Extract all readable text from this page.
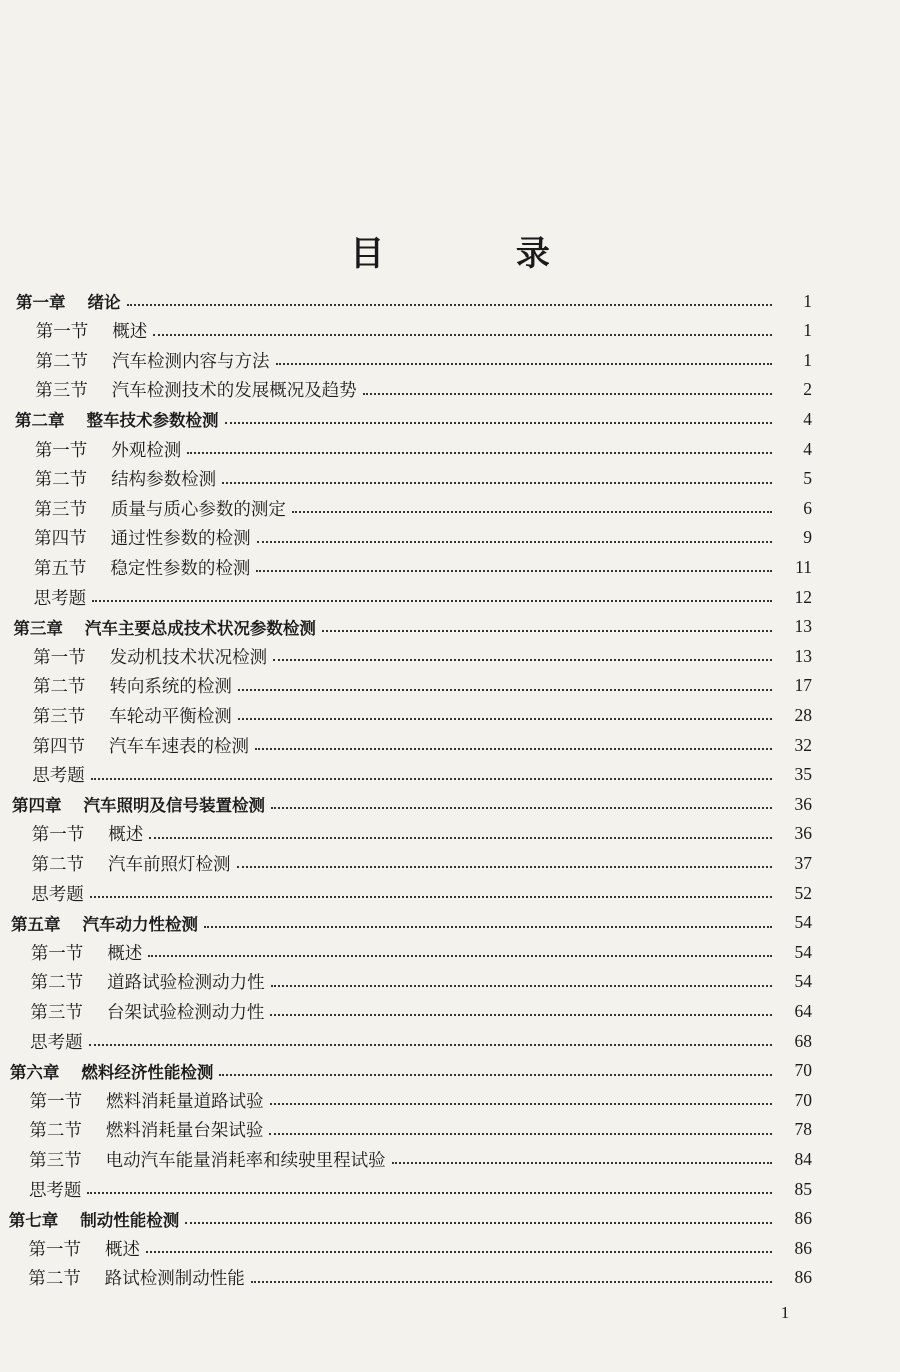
目 录
第一章 绪论	1
第一节 概述	1
第二节 汽车检测内容与方法	1
第三节 汽车检测技术的发展概况及趋势	2
第二章 整车技术参数检测	4
第一节 外观检测	4
第二节 结构参数检测	5
第三节 质量与质心参数的测定	6
第四节 通过性参数的检测	9
第五节 稳定性参数的检测	11
思考题	12
第三章 汽车主要总成技术状况参数检测	13
第一节 发动机技术状况检测	13
第二节 转向系统的检测	17
第三节 车轮动平衡检测	28
第四节 汽车车速表的检测	32
思考题	35
第四章 汽车照明及信号装置检测	36
第一节 概述	36
第二节 汽车前照灯检测	37
思考题	52
第五章 汽车动力性检测	54
第一节 概述	54
第二节 道路试验检测动力性	54
第三节 台架试验检测动力性	64
思考题	68
第六章 燃料经济性能检测	70
第一节 燃料消耗量道路试验	70
第二节 燃料消耗量台架试验	78
第三节 电动汽车能量消耗率和续驶里程试验	84
思考题	85
第七章 制动性能检测	86
第一节 概述	86
第二节 路试检测制动性能	86
1
